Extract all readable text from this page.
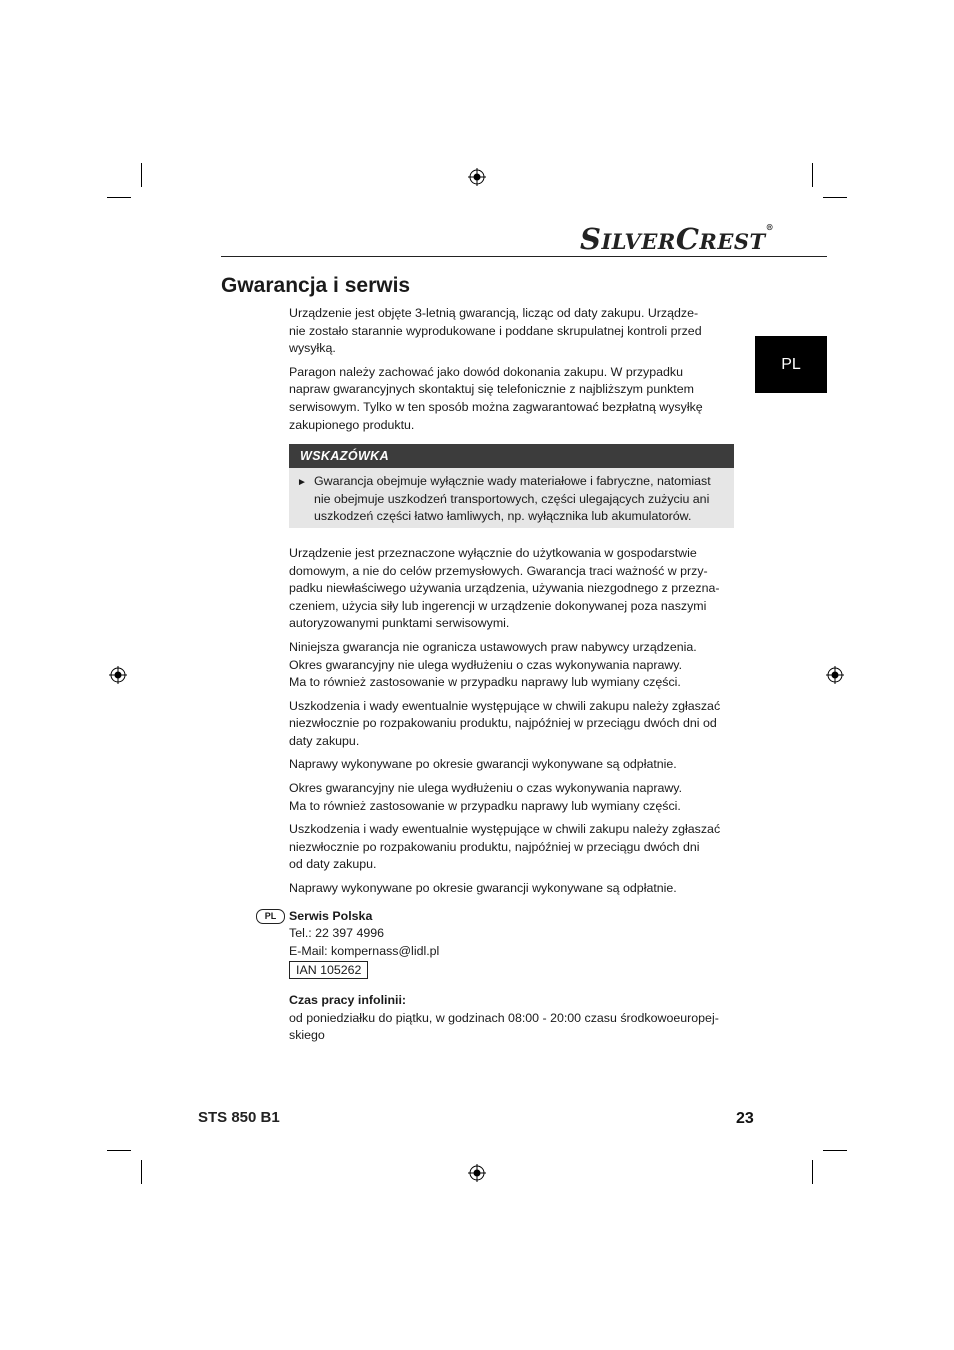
SILVERCREST®
PL
Gwarancja i serwis

Urządzenie jest objęte 3-letnią gwarancją, licząc od daty zakupu. Urządze-
nie zostało starannie wyprodukowane i poddane skrupulatnej kontroli przed
wysyłką.

Paragon należy zachować jako dowód dokonania zakupu. W przypadku
napraw gwarancyjnych skontaktuj się telefonicznie z najbliższym punktem
serwisowym. Tylko w ten sposób można zagwarantować bezpłatną wysyłkę
zakupionego produktu.

WSKAZÓWKA
► Gwarancja obejmuje wyłącznie wady materiałowe i fabryczne, natomiast
nie obejmuje uszkodzeń transportowych, części ulegających zużyciu ani
uszkodzeń części łatwo łamliwych, np. wyłącznika lub akumulatorów.

Urządzenie jest przeznaczone wyłącznie do użytkowania w gospodarstwie
domowym, a nie do celów przemysłowych. Gwarancja traci ważność w przy-
padku niewłaściwego używania urządzenia, używania niezgodnego z przezna-
czeniem, użycia siły lub ingerencji w urządzenie dokonywanej poza naszymi
autoryzowanymi punktami serwisowymi.

Niniejsza gwarancja nie ogranicza ustawowych praw nabywcy urządzenia.
Okres gwarancyjny nie ulega wydłużeniu o czas wykonywania naprawy.
Ma to również zastosowanie w przypadku naprawy lub wymiany części.

Uszkodzenia i wady ewentualnie występujące w chwili zakupu należy zgłaszać
niezwłocznie po rozpakowaniu produktu, najpóźniej w przeciągu dwóch dni od
daty zakupu.

Naprawy wykonywane po okresie gwarancji wykonywane są odpłatnie.

Okres gwarancyjny nie ulega wydłużeniu o czas wykonywania naprawy.
Ma to również zastosowanie w przypadku naprawy lub wymiany części.

Uszkodzenia i wady ewentualnie występujące w chwili zakupu należy zgłaszać
niezwłocznie po rozpakowaniu produktu, najpóźniej w przeciągu dwóch dni
od daty zakupu.

Naprawy wykonywane po okresie gwarancji wykonywane są odpłatnie.

PL	Serwis Polska
Tel.: 22 397 4996
E-Mail: kompernass@lidl.pl
IAN 105262
Czas pracy infolinii:
od poniedziałku do piątku, w godzinach 08:00 - 20:00 czasu środkowoeuropej-
skiego
STS 850 B1	23
